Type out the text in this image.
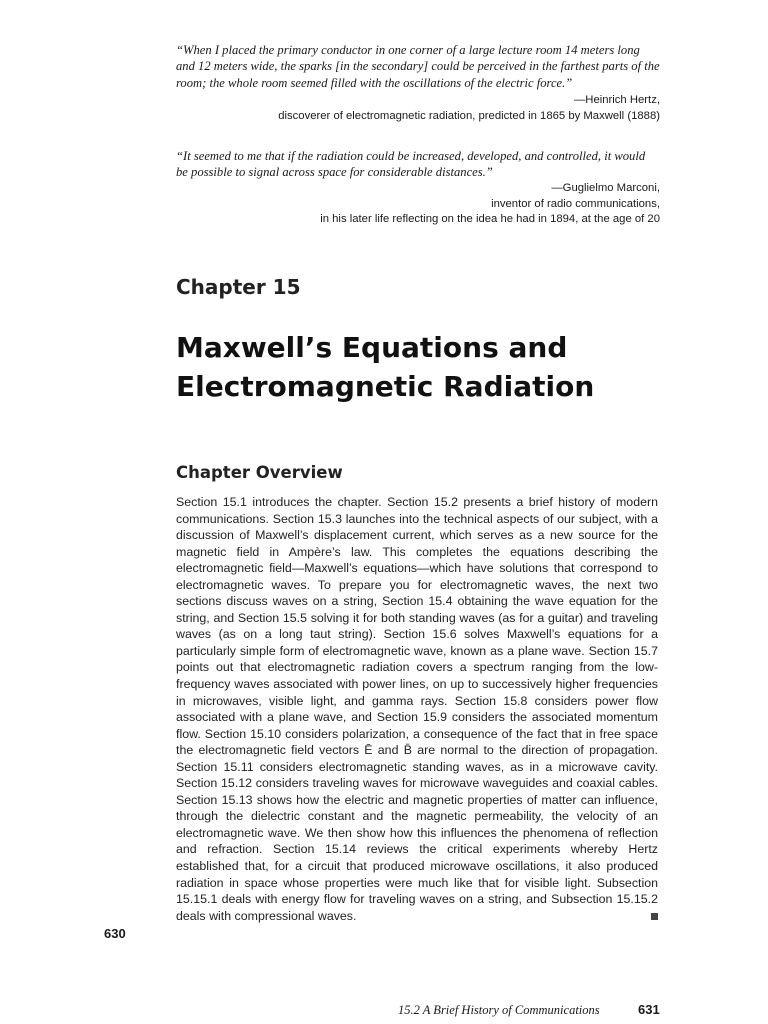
“When I placed the primary conductor in one corner of a large lecture room 14 meters long and 12 meters wide, the sparks [in the secondary] could be perceived in the farthest parts of the room; the whole room seemed filled with the oscillations of the electric force.”

—Heinrich Hertz,
discoverer of electromagnetic radiation, predicted in 1865 by Maxwell (1888)

“It seemed to me that if the radiation could be increased, developed, and controlled, it would be possible to signal across space for considerable distances.”

—Guglielmo Marconi,
inventor of radio communications,
in his later life reflecting on the idea he had in 1894, at the age of 20
Chapter 15
Maxwell’s Equations and Electromagnetic Radiation
Chapter Overview
Section 15.1 introduces the chapter. Section 15.2 presents a brief history of modern communications. Section 15.3 launches into the technical aspects of our subject, with a discussion of Maxwell’s displacement current, which serves as a new source for the magnetic field in Ampère’s law. This completes the equations describing the electromagnetic field—Maxwell’s equations—which have solutions that correspond to electromagnetic waves. To prepare you for electromagnetic waves, the next two sections discuss waves on a string, Section 15.4 obtaining the wave equation for the string, and Section 15.5 solving it for both standing waves (as for a guitar) and traveling waves (as on a long taut string). Section 15.6 solves Maxwell’s equations for a particularly simple form of electromagnetic wave, known as a plane wave. Section 15.7 points out that electromagnetic radiation covers a spectrum ranging from the low-frequency waves associated with power lines, on up to successively higher frequencies in microwaves, visible light, and gamma rays. Section 15.8 considers power flow associated with a plane wave, and Section 15.9 considers the associated momentum flow. Section 15.10 considers polarization, a consequence of the fact that in free space the electromagnetic field vectors Ē and B̄ are normal to the direction of propagation. Section 15.11 considers electromagnetic standing waves, as in a microwave cavity. Section 15.12 considers traveling waves for microwave waveguides and coaxial cables. Section 15.13 shows how the electric and magnetic properties of matter can influence, through the dielectric constant and the magnetic permeability, the velocity of an electromagnetic wave. We then show how this influences the phenomena of reflection and refraction. Section 15.14 reviews the critical experiments whereby Hertz established that, for a circuit that produced microwave oscillations, it also produced radiation in space whose properties were much like that for visible light. Subsection 15.15.1 deals with energy flow for traveling waves on a string, and Subsection 15.15.2 deals with compressional waves.

630

15.2 A Brief History of Communications	631
